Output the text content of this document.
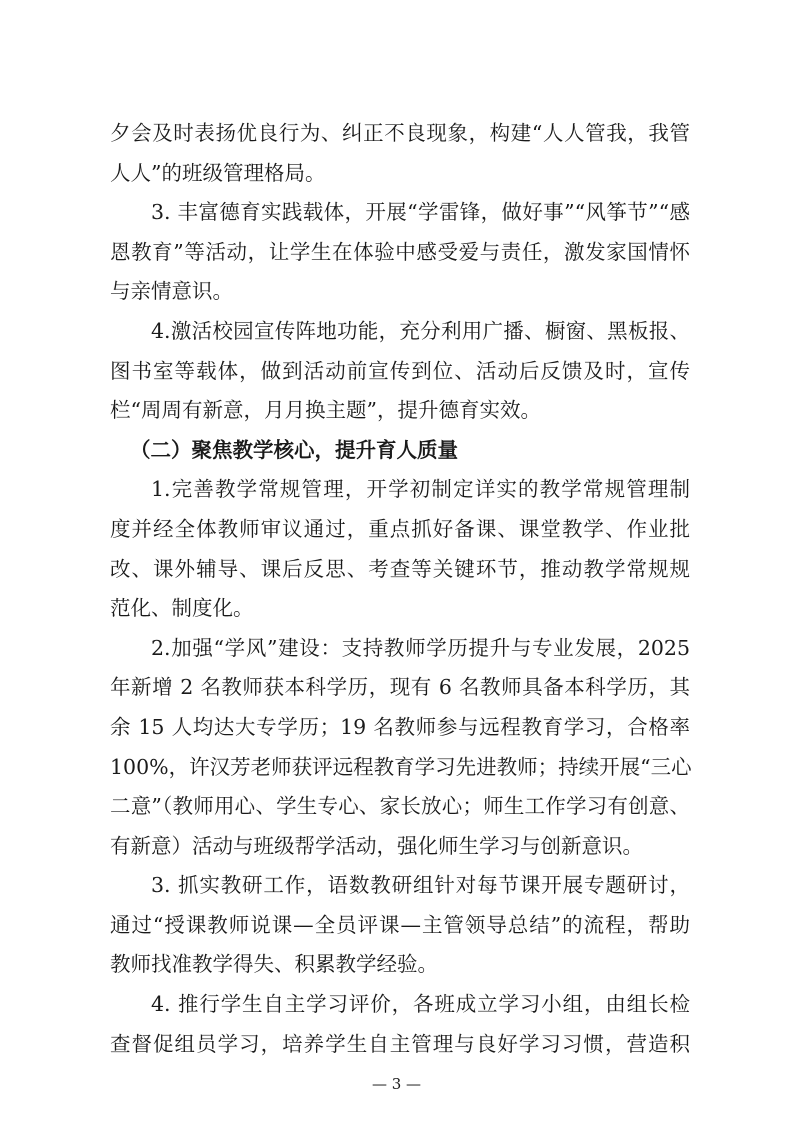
夕会及时表扬优良行为、纠正不良现象，构建“人人管我，我管
人人”的班级管理格局。
3. 丰富德育实践载体，开展“学雷锋，做好事”“风筝节”“感
恩教育”等活动，让学生在体验中感受爱与责任，激发家国情怀
与亲情意识。
4.激活校园宣传阵地功能，充分利用广播、橱窗、黑板报、
图书室等载体，做到活动前宣传到位、活动后反馈及时，宣传
栏“周周有新意，月月换主题”，提升德育实效。
（二）聚焦教学核心，提升育人质量
1.完善教学常规管理，开学初制定详实的教学常规管理制
度并经全体教师审议通过，重点抓好备课、课堂教学、作业批
改、课外辅导、课后反思、考查等关键环节，推动教学常规规
范化、制度化。
2.加强“学风”建设：支持教师学历提升与专业发展，2025
年新增 2 名教师获本科学历，现有 6 名教师具备本科学历，其
余 15 人均达大专学历；19 名教师参与远程教育学习，合格率
100%，许汉芳老师获评远程教育学习先进教师；持续开展“三心
二意”（教师用心、学生专心、家长放心；师生工作学习有创意、
有新意）活动与班级帮学活动，强化师生学习与创新意识。
3. 抓实教研工作，语数教研组针对每节课开展专题研讨，
通过“授课教师说课—全员评课—主管领导总结”的流程，帮助
教师找准教学得失、积累教学经验。
4. 推行学生自主学习评价，各班成立学习小组，由组长检
查督促组员学习，培养学生自主管理与良好学习习惯，营造积
— 3 —
